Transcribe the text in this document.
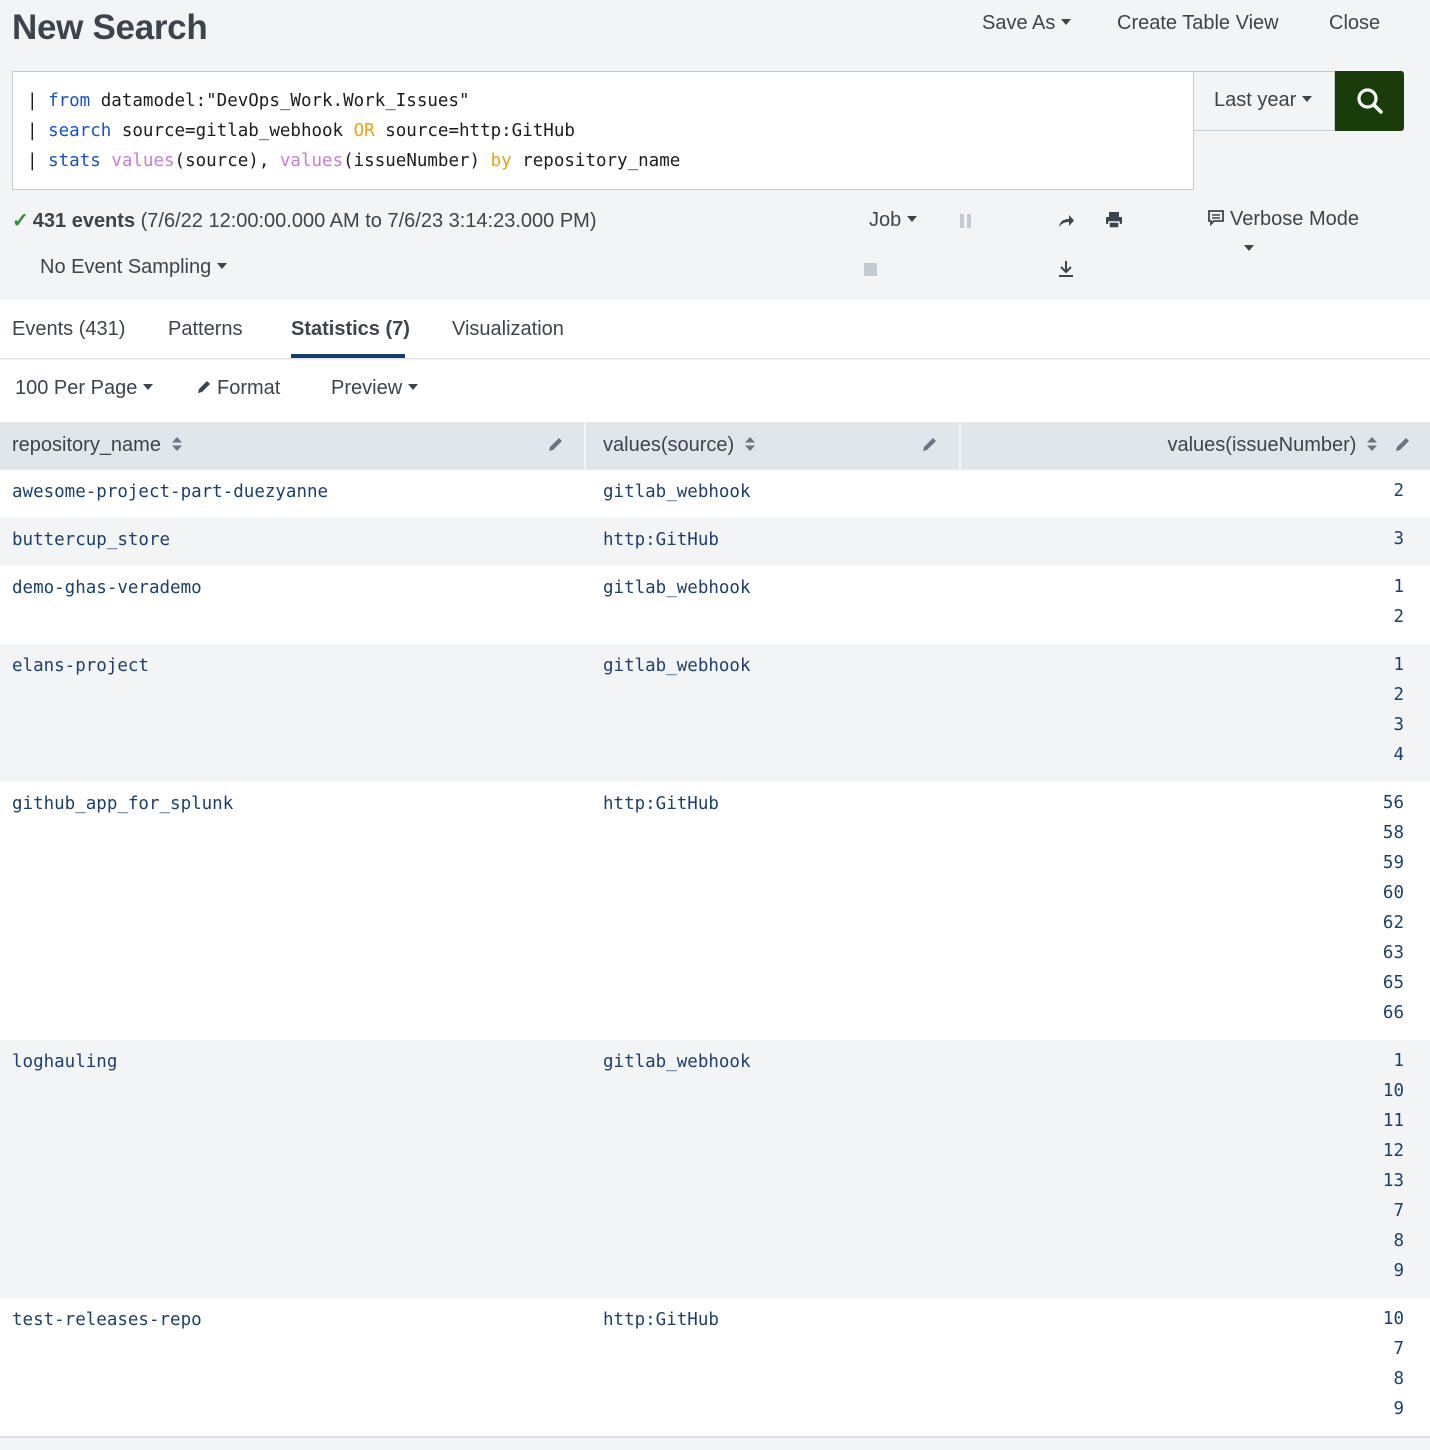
New Search	Save As	Create Table View	Close
| from datamodel:"DevOps_Work.Work_Issues"
| search source=gitlab_webhook OR source=http:GitHub
| stats values(source), values(issueNumber) by repository_name
Last year
✓ 431 events (7/6/22 12:00:00.000 AM to 7/6/23 3:14:23.000 PM)	Job	Verbose Mode
No Event Sampling
Events (431) Patterns Statistics (7) Visualization
100 Per Page	Format	Preview
repository_name	values(source)	values(issueNumber)
awesome-project-part-duezyanne	gitlab_webhook	2
buttercup_store	http:GitHub	3
demo-ghas-verademo	gitlab_webhook	1
2
elans-project	gitlab_webhook	1
2
3
4
github_app_for_splunk	http:GitHub	56
58
59
60
62
63
65
66
loghauling	gitlab_webhook	1
10
11
12
13
7
8
9
test-releases-repo	http:GitHub	10
7
8
9
